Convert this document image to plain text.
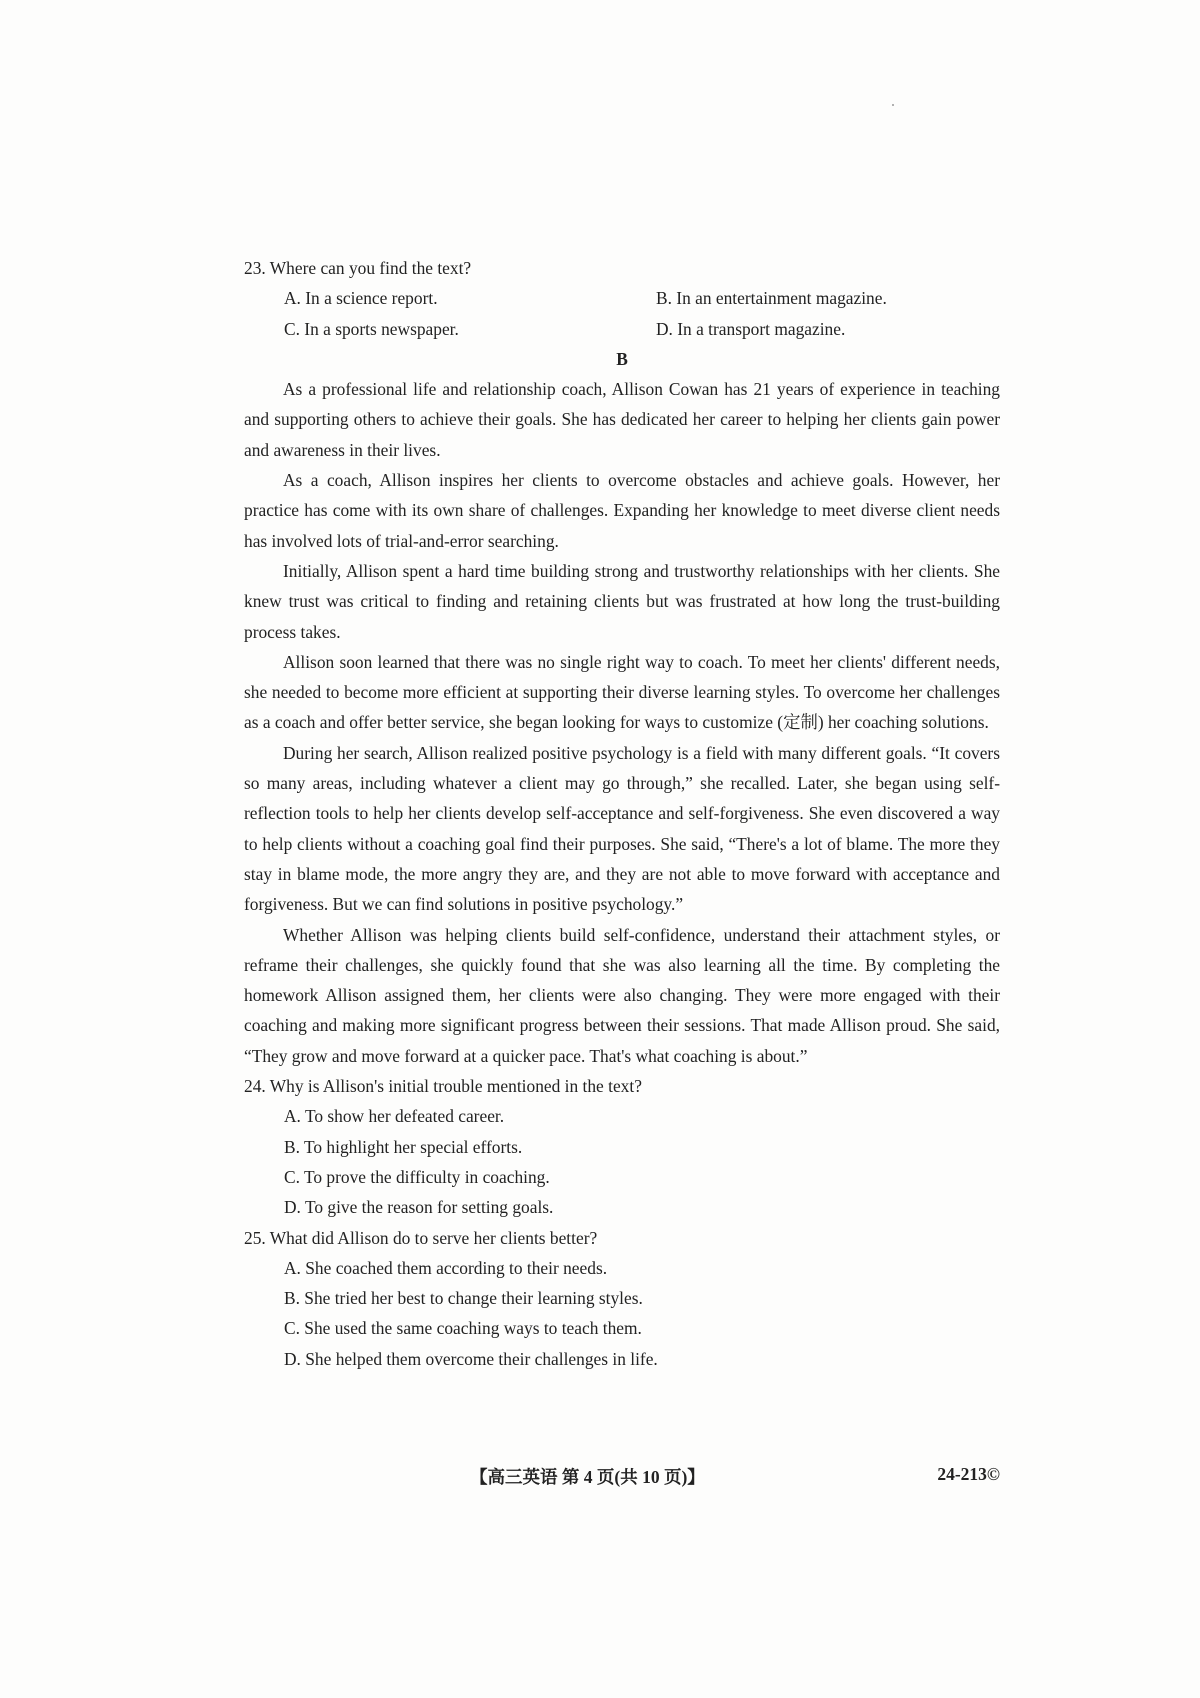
23. Where can you find the text?

A. In a science report.	B. In an entertainment magazine.
C. In a sports newspaper.	D. In a transport magazine.

B

As a professional life and relationship coach, Allison Cowan has 21 years of experience in teaching and supporting others to achieve their goals. She has dedicated her career to helping her clients gain power and awareness in their lives.

As a coach, Allison inspires her clients to overcome obstacles and achieve goals. However, her practice has come with its own share of challenges. Expanding her knowledge to meet diverse client needs has involved lots of trial-and-error searching.

Initially, Allison spent a hard time building strong and trustworthy relationships with her clients. She knew trust was critical to finding and retaining clients but was frustrated at how long the trust-building process takes.

Allison soon learned that there was no single right way to coach. To meet her clients' different needs, she needed to become more efficient at supporting their diverse learning styles. To overcome her challenges as a coach and offer better service, she began looking for ways to customize (定制) her coaching solutions.

During her search, Allison realized positive psychology is a field with many different goals. “It covers so many areas, including whatever a client may go through,” she recalled. Later, she began using self-reflection tools to help her clients develop self-acceptance and self-forgiveness. She even discovered a way to help clients without a coaching goal find their purposes. She said, “There's a lot of blame. The more they stay in blame mode, the more angry they are, and they are not able to move forward with acceptance and forgiveness. But we can find solutions in positive psychology.”

Whether Allison was helping clients build self-confidence, understand their attachment styles, or reframe their challenges, she quickly found that she was also learning all the time. By completing the homework Allison assigned them, her clients were also changing. They were more engaged with their coaching and making more significant progress between their sessions. That made Allison proud. She said, “They grow and move forward at a quicker pace. That's what coaching is about.”

24. Why is Allison's initial trouble mentioned in the text?

A. To show her defeated career.

B. To highlight her special efforts.

C. To prove the difficulty in coaching.

D. To give the reason for setting goals.

25. What did Allison do to serve her clients better?

A. She coached them according to their needs.

B. She tried her best to change their learning styles.

C. She used the same coaching ways to teach them.

D. She helped them overcome their challenges in life.

【高三英语 第 4 页(共 10 页)】	24-213©
